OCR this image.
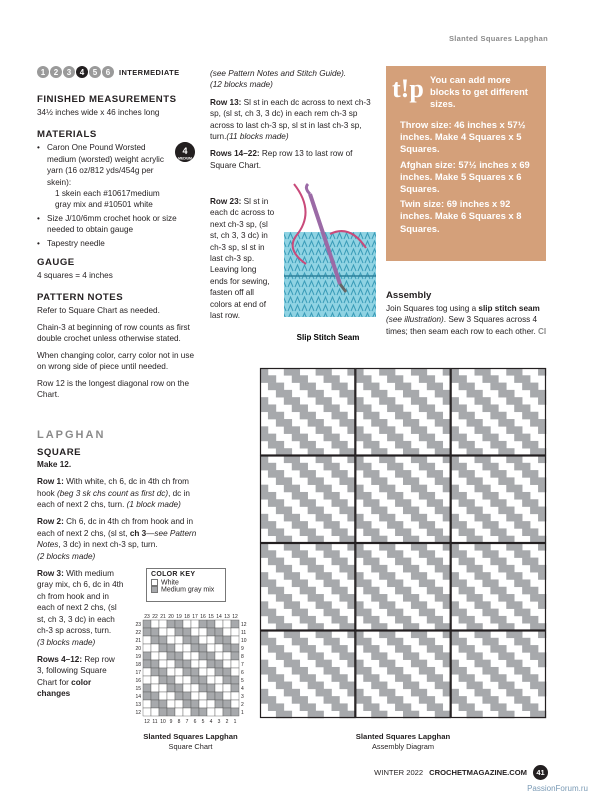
Slanted Squares Lapghan
1	2	3	4	5	6	INTERMEDIATE
FINISHED MEASUREMENTS

34½ inches wide x 46 inches long

MATERIALS
• Caron One Pound Worsted medium (worsted) weight acrylic yarn (16 oz/812 yds/454g per skein):
1 skein each #10617medium gray mix and #10501 white
• Size J/10/6mm crochet hook or size needed to obtain gauge
• Tapestry needle
GAUGE

4 squares = 4 inches

PATTERN NOTES

Refer to Square Chart as needed.

Chain-3 at beginning of row counts as first double crochet unless otherwise stated.

When changing color, carry color not in use on wrong side of piece until needed.

Row 12 is the longest diagonal row on the Chart.

4
MEDIUM
LAPGHAN
SQUARE

Make 12.

Row 1: With white, ch 6, dc in 4th ch from hook (beg 3 sk chs count as first dc), dc in each of next 2 chs, turn. (1 block made)

Row 2: Ch 6, dc in 4th ch from hook and in each of next 2 chs, (sl st, ch 3—see Pattern Notes, 3 dc) in next ch-3 sp, turn.
(2 blocks made)

Row 3: With medium gray mix, ch 6, dc in 4th ch from hook and in each of next 2 chs, (sl st, ch 3, 3 dc) in each ch-3 sp across, turn.
(3 blocks made)

Rows 4–12: Rep row 3, following Square Chart for color changes

(see Pattern Notes and Stitch Guide).
(12 blocks made)

Row 13: Sl st in each dc across to next ch-3 sp, (sl st, ch 3, 3 dc) in each rem ch-3 sp across to last ch-3 sp, sl st in last ch-3 sp, turn.(11 blocks made)

Rows 14–22: Rep row 13 to last row of Square Chart.

Row 23: Sl st in each dc across to next ch-3 sp, (sl st, ch 3, 3 dc) in ch-3 sp, sl st in last ch-3 sp. Leaving long ends for sewing, fasten off all colors at end of last row.
Slip Stitch Seam
t!p You can add more blocks to get different sizes.

Throw size: 46 inches x 57½ inches. Make 4 Squares x 5 Squares.

Afghan size: 57½ inches x 69 inches. Make 5 Squares x 6 Squares.

Twin size: 69 inches x 92 inches. Make 6 Squares x 8 Squares.

Assembly

Join Squares tog using a slip stitch seam (see illustration). Sew 3 Squares across 4 times; then seam each row to each other. CI

COLOR KEY
White
Medium gray mix
23
22
21
20
19
18
17
16
15
14
13
12
12
11
10
9
8
7
6
5
4
3
2
1
23 22 21 20 19 18 17 16 15 14 13 12
12 11 10 9 8 7 6 5 4 3 2 1
Slanted Squares Lapghan
Square Chart
Slanted Squares Lapghan
Assembly Diagram
WINTER 2022 CROCHETMAGAZINE.COM	41
PassionForum.ru
